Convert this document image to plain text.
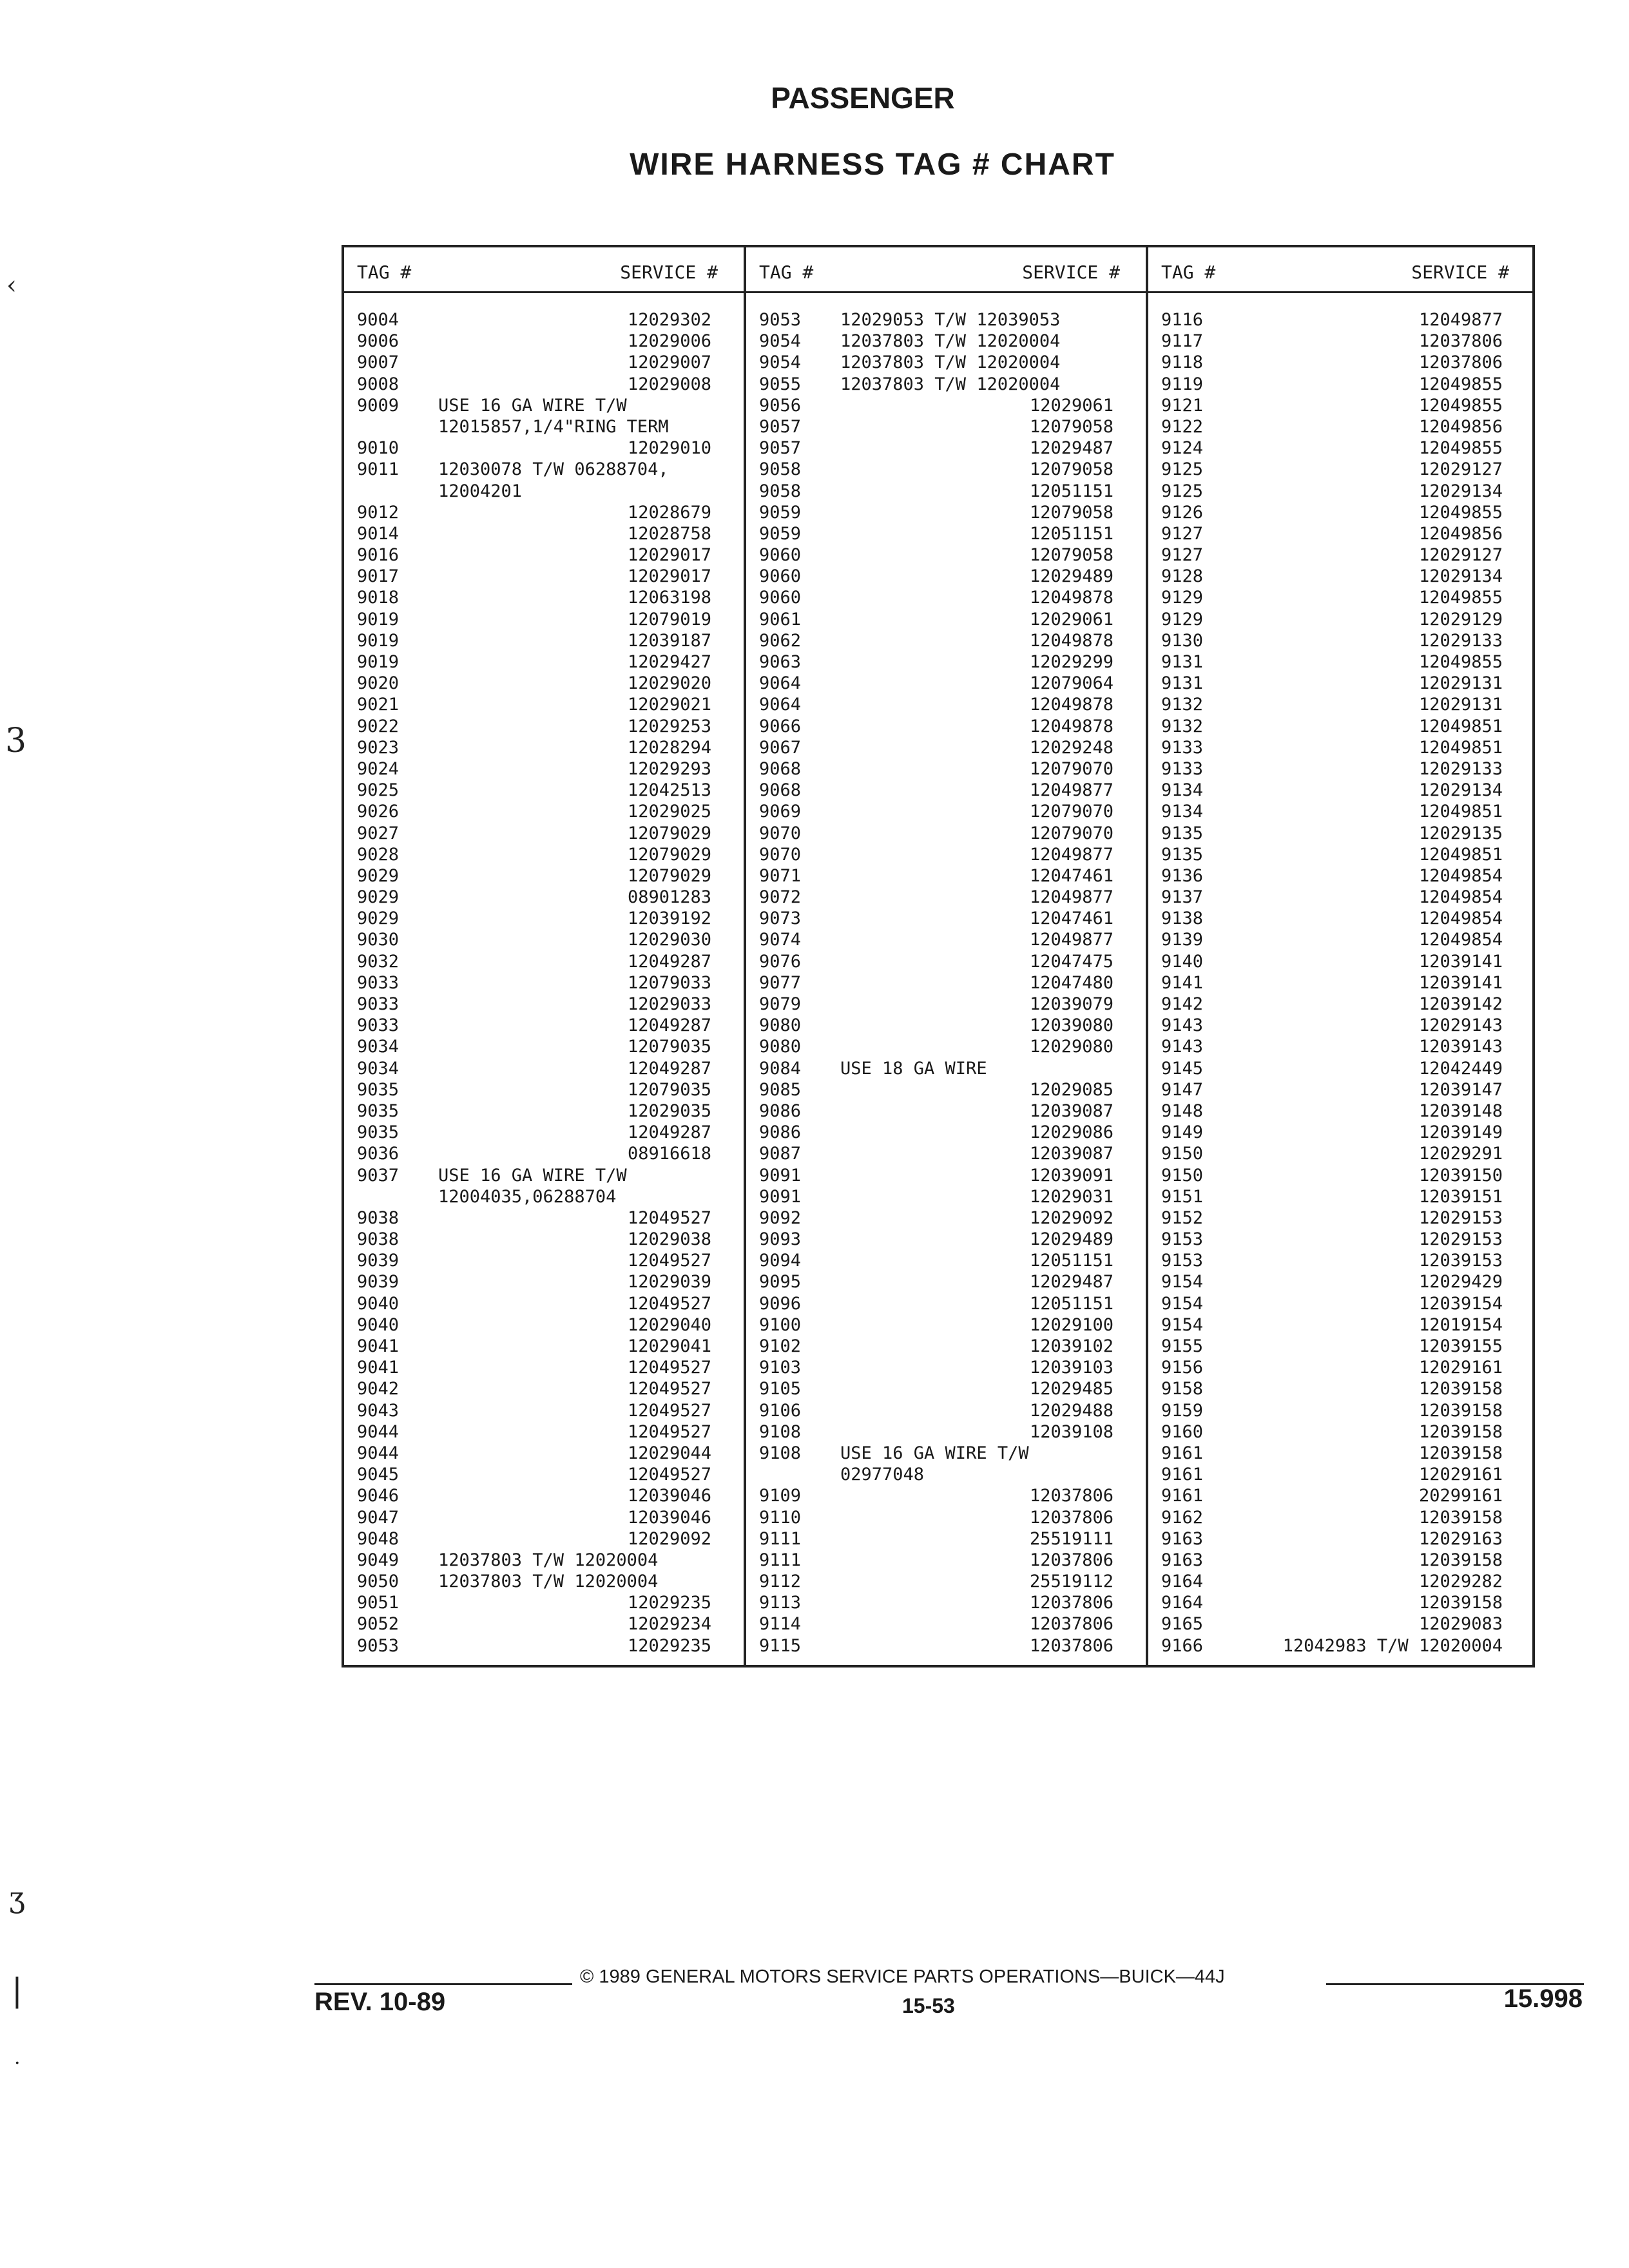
PASSENGER
WIRE HARNESS TAG # CHART
TAG #	SERVICE #
9004	12029302
9006	12029006
9007	12029007
9008	12029008
9009 USE 16 GA WIRE T/W
12015857,1/4"RING TERM
9010	12029010
9011 12030078 T/W 06288704,
12004201
9012	12028679
9014	12028758
9016	12029017
9017	12029017
9018	12063198
9019	12079019
9019	12039187
9019	12029427
9020	12029020
9021	12029021
9022	12029253
9023	12028294
9024	12029293
9025	12042513
9026	12029025
9027	12079029
9028	12079029
9029	12079029
9029	08901283
9029	12039192
9030	12029030
9032	12049287
9033	12079033
9033	12029033
9033	12049287
9034	12079035
9034	12049287
9035	12079035
9035	12029035
9035	12049287
9036	08916618
9037 USE 16 GA WIRE T/W
12004035,06288704
9038	12049527
9038	12029038
9039	12049527
9039	12029039
9040	12049527
9040	12029040
9041	12029041
9041	12049527
9042	12049527
9043	12049527
9044	12049527
9044	12029044
9045	12049527
9046	12039046
9047	12039046
9048	12029092
9049 12037803 T/W 12020004
9050 12037803 T/W 12020004
9051	12029235
9052	12029234
9053	12029235
TAG #	SERVICE #
9053 12029053 T/W 12039053
9054 12037803 T/W 12020004
9054 12037803 T/W 12020004
9055 12037803 T/W 12020004
9056	12029061
9057	12079058
9057	12029487
9058	12079058
9058	12051151
9059	12079058
9059	12051151
9060	12079058
9060	12029489
9060	12049878
9061	12029061
9062	12049878
9063	12029299
9064	12079064
9064	12049878
9066	12049878
9067	12029248
9068	12079070
9068	12049877
9069	12079070
9070	12079070
9070	12049877
9071	12047461
9072	12049877
9073	12047461
9074	12049877
9076	12047475
9077	12047480
9079	12039079
9080	12039080
9080	12029080
9084 USE 18 GA WIRE
9085	12029085
9086	12039087
9086	12029086
9087	12039087
9091	12039091
9091	12029031
9092	12029092
9093	12029489
9094	12051151
9095	12029487
9096	12051151
9100	12029100
9102	12039102
9103	12039103
9105	12029485
9106	12029488
9108	12039108
9108 USE 16 GA WIRE T/W
02977048
9109	12037806
9110	12037806
9111	25519111
9111	12037806
9112	25519112
9113	12037806
9114	12037806
9115	12037806
TAG #	SERVICE #
9116	12049877
9117	12037806
9118	12037806
9119	12049855
9121	12049855
9122	12049856
9124	12049855
9125	12029127
9125	12029134
9126	12049855
9127	12049856
9127	12029127
9128	12029134
9129	12049855
9129	12029129
9130	12029133
9131	12049855
9131	12029131
9132	12029131
9132	12049851
9133	12049851
9133	12029133
9134	12029134
9134	12049851
9135	12029135
9135	12049851
9136	12049854
9137	12049854
9138	12049854
9139	12049854
9140	12039141
9141	12039141
9142	12039142
9143	12029143
9143	12039143
9145	12042449
9147	12039147
9148	12039148
9149	12039149
9150	12029291
9150	12039150
9151	12039151
9152	12029153
9153	12029153
9153	12039153
9154	12029429
9154	12039154
9154	12019154
9155	12039155
9156	12029161
9158	12039158
9159	12039158
9160	12039158
9161	12039158
9161	12029161
9161	20299161
9162	12039158
9163	12029163
9163	12039158
9164	12029282
9164	12039158
9165	12029083
9166	12042983 T/W 12020004
© 1989 GENERAL MOTORS SERVICE PARTS OPERATIONS—BUICK—44J
REV. 10-89	15-53	15.998
‹
3
ʒ
|
·
